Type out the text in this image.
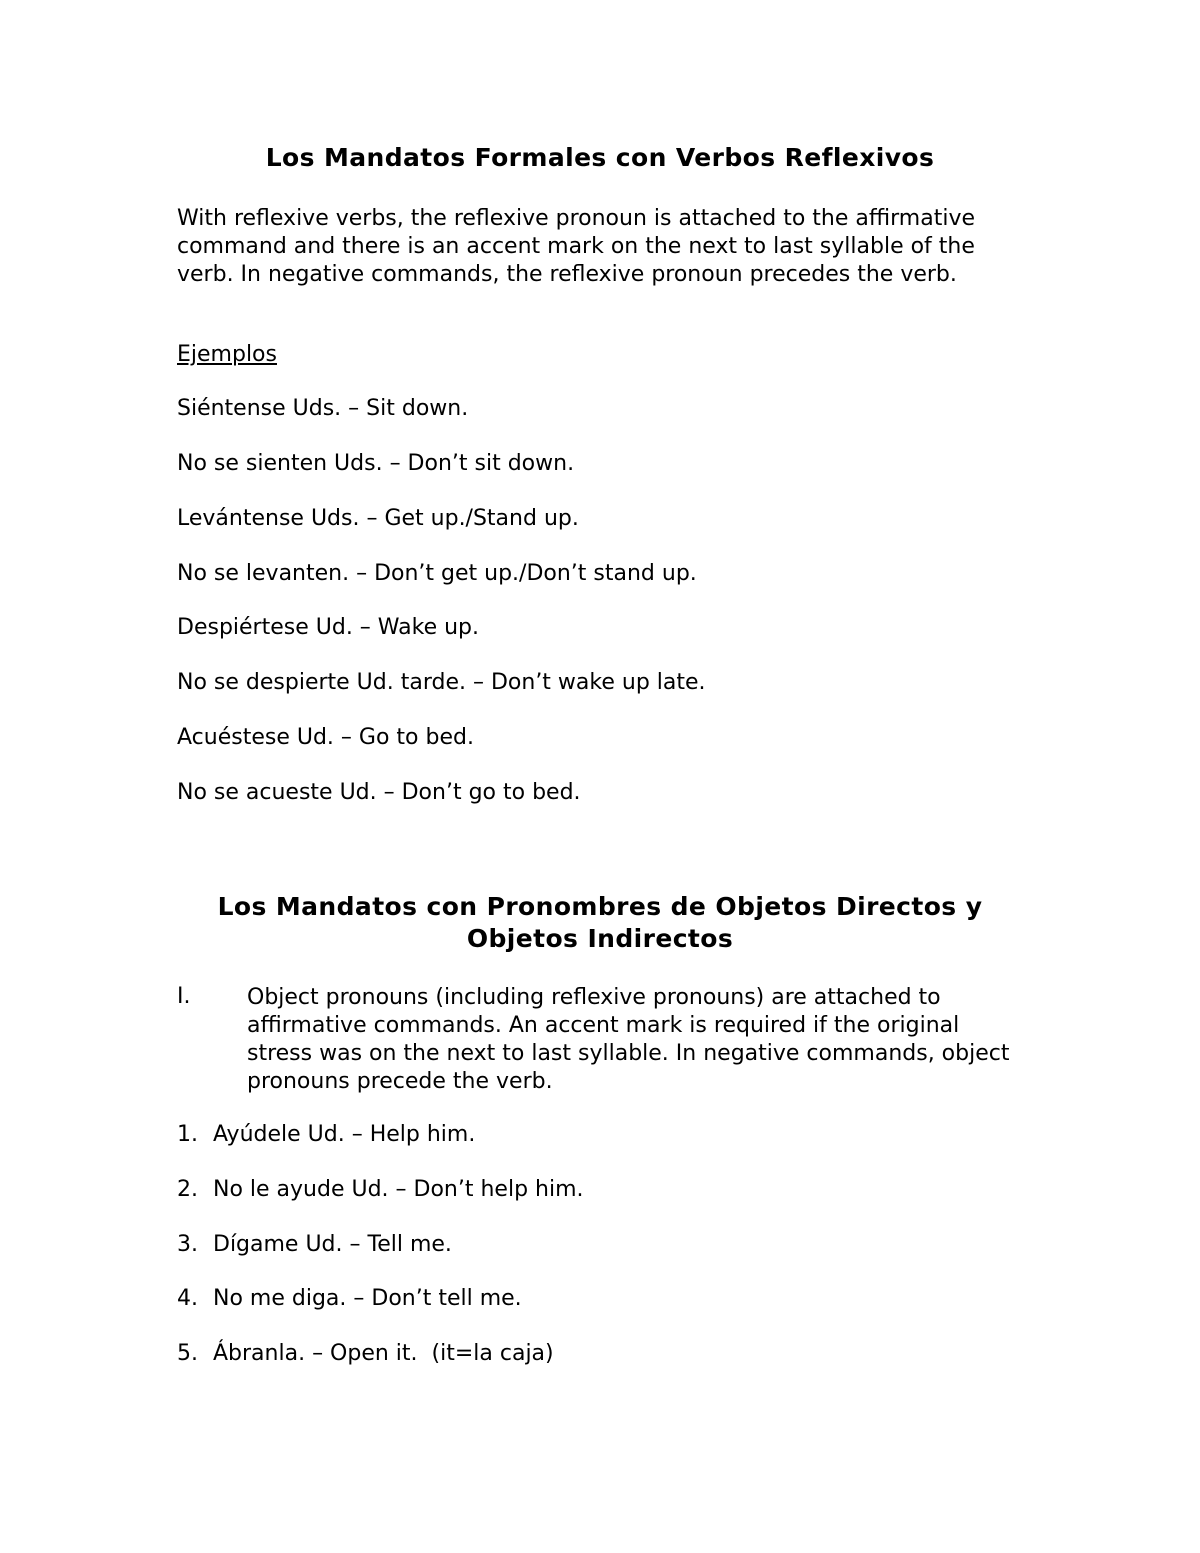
Los Mandatos Formales con Verbos Reflexivos

With reflexive verbs, the reflexive pronoun is attached to the affirmative command and there is an accent mark on the next to last syllable of the verb. In negative commands, the reflexive pronoun precedes the verb.

Ejemplos

Siéntense Uds. – Sit down.

No se sienten Uds. – Don’t sit down.

Levántense Uds. – Get up./Stand up.

No se levanten. – Don’t get up./Don’t stand up.

Despiértese Ud. – Wake up.

No se despierte Ud. tarde. – Don’t wake up late.

Acuéstese Ud. – Go to bed.

No se acueste Ud. – Don’t go to bed.

Los Mandatos con Pronombres de Objetos Directos y
Objetos Indirectos

I.	Object pronouns (including reflexive pronouns) are attached to affirmative commands. An accent mark is required if the original stress was on the next to last syllable. In negative commands, object pronouns precede the verb.

1. Ayúdele Ud. – Help him.

2. No le ayude Ud. – Don’t help him.

3. Dígame Ud. – Tell me.

4. No me diga. – Don’t tell me.

5. Ábranla. – Open it.  (it=la caja)
